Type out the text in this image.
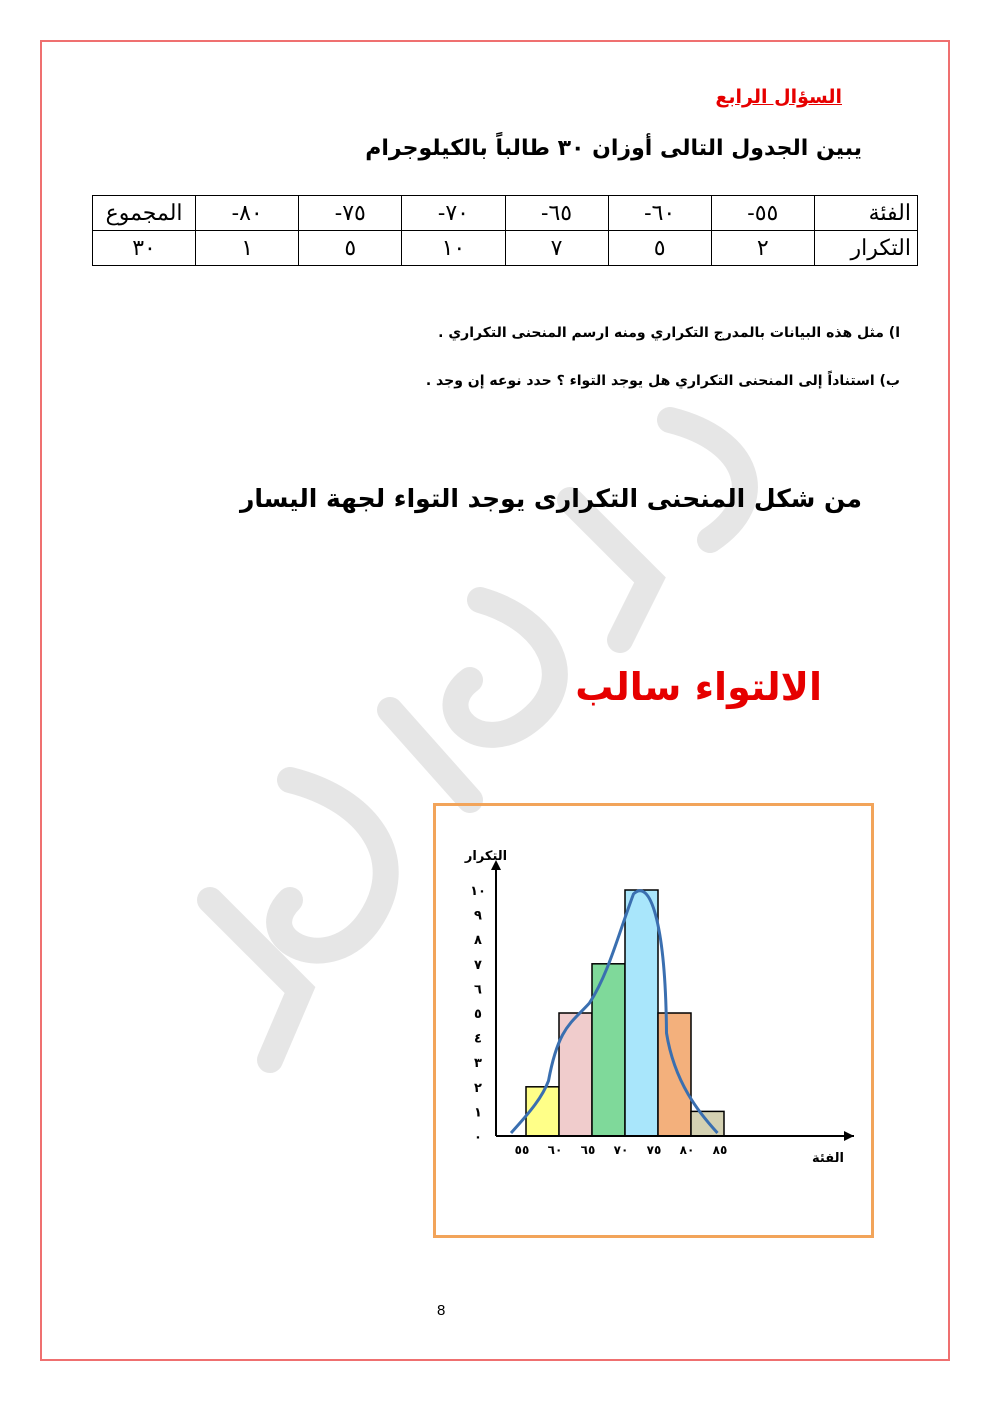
السؤال الرابع
يبين الجدول التالى أوزان ٣٠ طالباً بالكيلوجرام
الفئة	٥٥-	٦٠-	٦٥-	٧٠-	٧٥-	٨٠-	المجموع
التكرار	٢	٥	٧	١٠	٥	١	٣٠
ا) مثل هذه البيانات بالمدرج التكراري ومنه ارسم المنحنى التكراري .
ب) استناداً إلى المنحنى التكراري هل يوجد التواء ؟ حدد نوعه إن وجد .
من شكل المنحنى التكرارى يوجد التواء لجهة اليسار
الالتواء سالب
٠
١
٢
٣
٤
٥
٦
٧
٨
٩
١٠
٥٥ ٦٠ ٦٥ ٧٠ ٧٥ ٨٠ ٨٥
التكرار
الفئة
8
